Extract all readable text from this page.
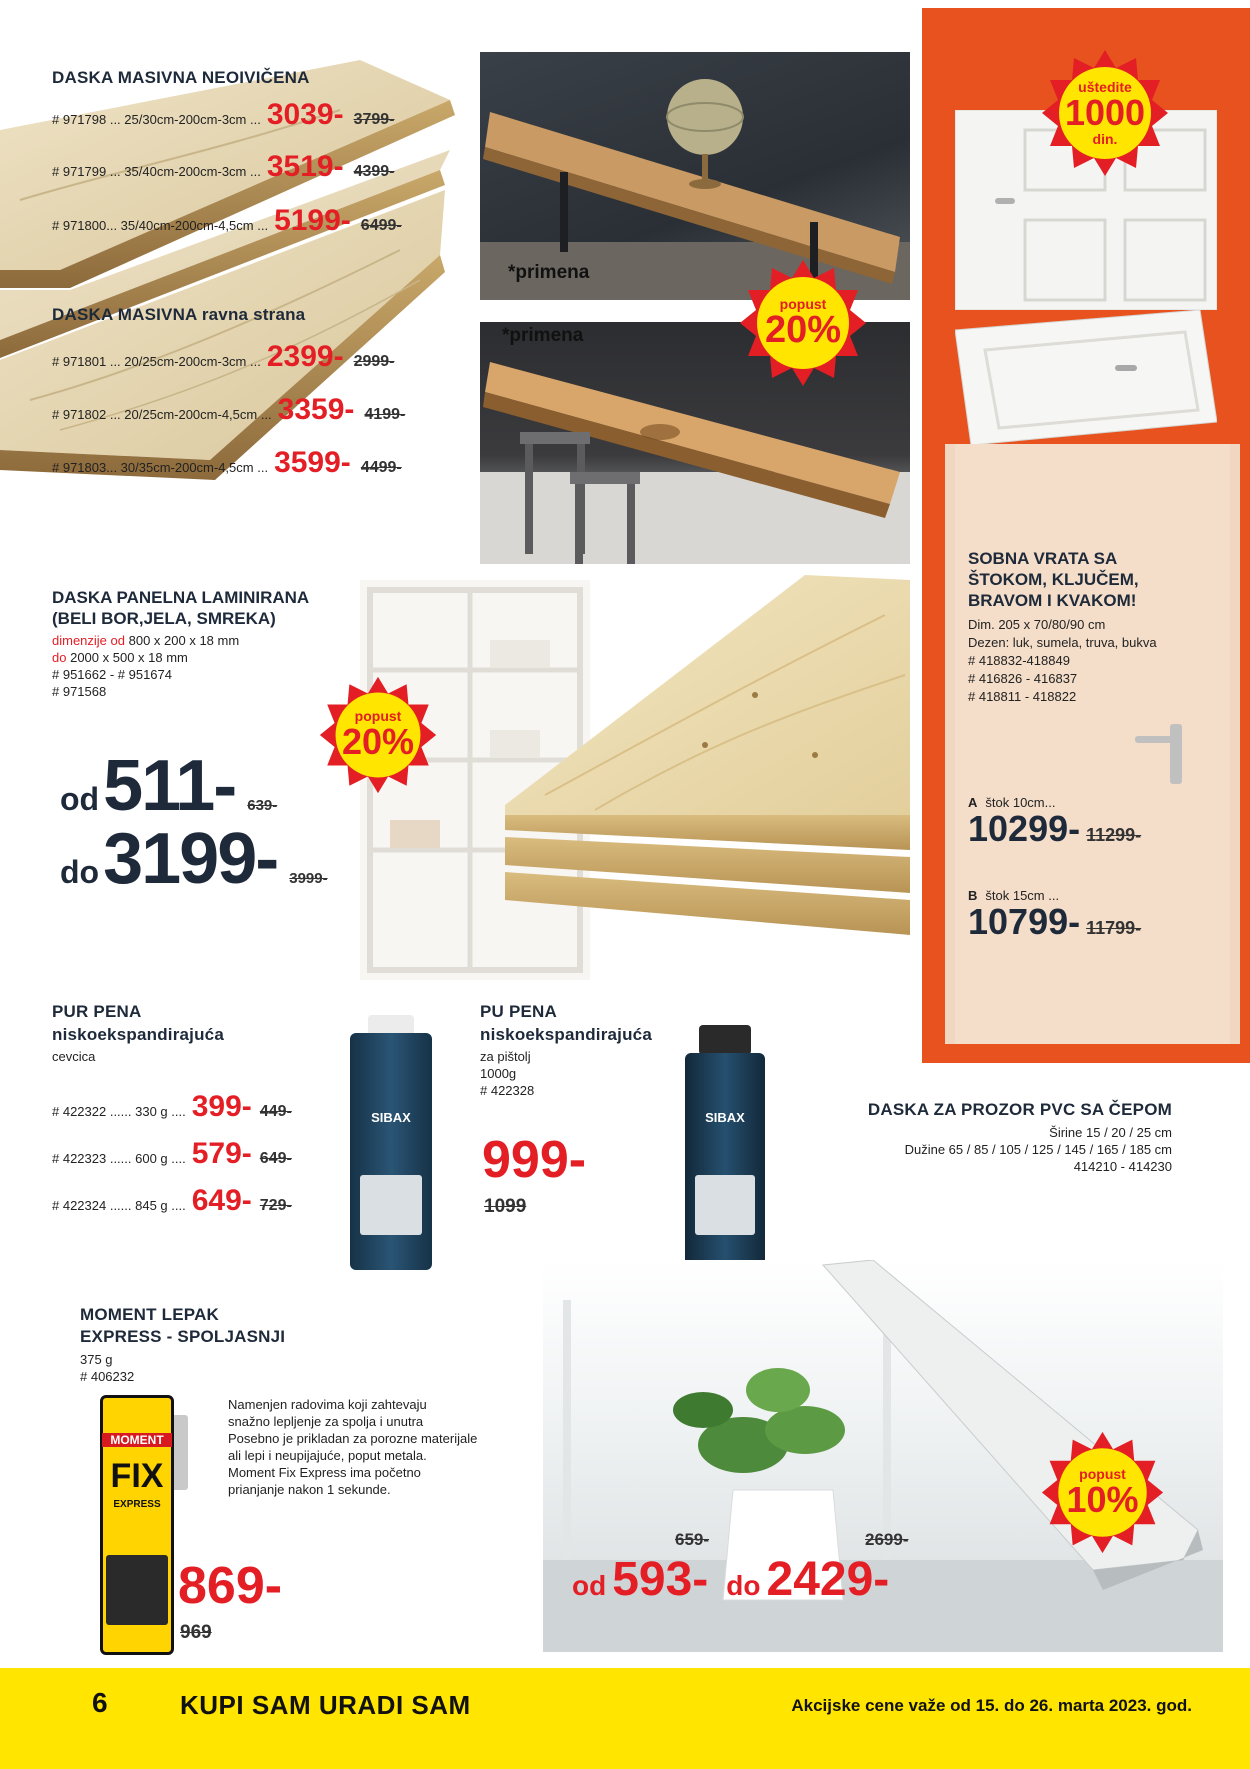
DASKA MASIVNA NEOIVIČENA
# 971798 ... 25/30cm-200cm-3cm ... 3039- 3799-
# 971799 ... 35/40cm-200cm-3cm ... 3519- 4399-
# 971800... 35/40cm-200cm-4,5cm ... 5199- 6499-
DASKA MASIVNA ravna strana
# 971801 ... 20/25cm-200cm-3cm ... 2399- 2999-
# 971802 ... 20/25cm-200cm-4,5cm ... 3359- 4199-
# 971803... 30/35cm-200cm-4,5cm ... 3599- 4499-
*primena
*primena
popust
20%
uštedite
1000
din.
SOBNA VRATA SA
ŠTOKOM, KLJUČEM,
BRAVOM I KVAKOM!
Dim. 205 x 70/80/90 cm
Dezen: luk, sumela, truva, bukva
# 418832-418849
# 416826 - 416837
# 418811 - 418822
A štok 10cm...
10299- 11299-
B štok 15cm ...
10799- 11799-
DASKA PANELNA LAMINIRANA
(BELI BOR,JELA, SMREKA)
dimenzije od 800 x 200 x 18 mm
do 2000 x 500 x 18 mm
# 951662 - # 951674
# 971568
popust
20%
od 511- 639-
do 3199- 3999-
PUR PENA
niskoekspandirajuća
cevcica
# 422322 ...... 330 g .... 399- 449-
# 422323 ...... 600 g .... 579- 649-
# 422324 ...... 845 g .... 649- 729-
SIBAX
PU PENA
niskoekspandirajuća
za pištolj
1000g
# 422328
999-
1099
SIBAX	DASKA ZA PROZOR PVC SA ČEPOM
Širine 15 / 20 / 25 cm
Dužine 65 / 85 / 105 / 125 / 145 / 165 / 185 cm
414210 - 414230
popust
10%
659-	2699-
od 593- do 2429-
MOMENT LEPAK
EXPRESS - SPOLJASNJI
375 g
# 406232
Namenjen radovima koji zahtevaju
snažno lepljenje za spolja i unutra
Posebno je prikladan za porozne materijale
ali lepi i neupijajuće, poput metala.
Moment Fix Express ima početno
prianjanje nakon 1 sekunde.
MOMENT
FIX
EXPRESS
869-
969
6	KUPI SAM URADI SAM	Akcijske cene važe od 15. do 26. marta 2023. god.
